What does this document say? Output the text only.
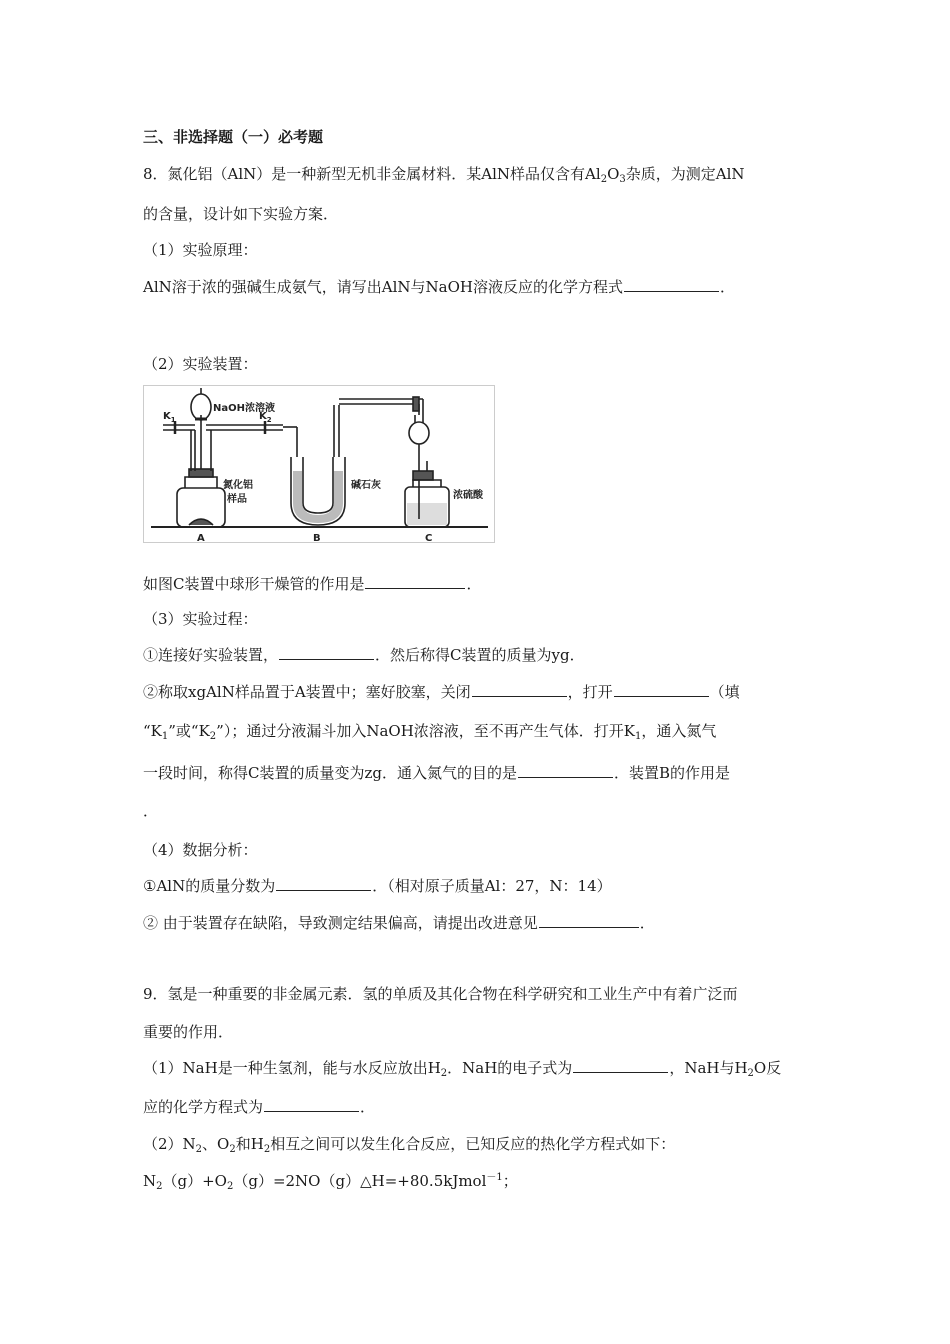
三、非选择题（一）必考题
8．氮化铝（AlN）是一种新型无机非金属材料．某AlN样品仅含有$Al_2O_3$杂质，为测定AlN
的含量，设计如下实验方案．
（1）实验原理：
AlN溶于浓的强碱生成氨气，请写出AlN与NaOH溶液反应的化学方程式	．
（2）实验装置：
NaOH浓溶液
$K_1$	$K_2$
氮化铝
样品
碱石灰
浓硫酸
A	B	C
如图C装置中球形干燥管的作用是	．
（3）实验过程：
①连接好实验装置，	．然后称得C装置的质量为yg．
②称取xgAlN样品置于A装置中；塞好胶塞，关闭	，打开	（填
“$K_1$”或“$K_2$”）；通过分液漏斗加入NaOH浓溶液，至不再产生气体．打开$K_1$，通入氮气
一段时间，称得C装置的质量变为zg．通入氮气的目的是	．装置B的作用是
．
（4）数据分析：
①AlN的质量分数为	．（相对原子质量Al：27，N：14）
② 由于装置存在缺陷，导致测定结果偏高，请提出改进意见	．
9．氢是一种重要的非金属元素．氢的单质及其化合物在科学研究和工业生产中有着广泛而
重要的作用．
（1）NaH是一种生氢剂，能与水反应放出$H_2$．NaH的电子式为	，NaH与$H_2O$反
应的化学方程式为	．
$(2)N_2$、$O_2$和$H_2$相互之间可以发生化合反应，已知反应的热化学方程式如下：
$N_2(g)+O_2(g)=2NO(g)\triangle H=+80.5kJmol^{-1}$；
